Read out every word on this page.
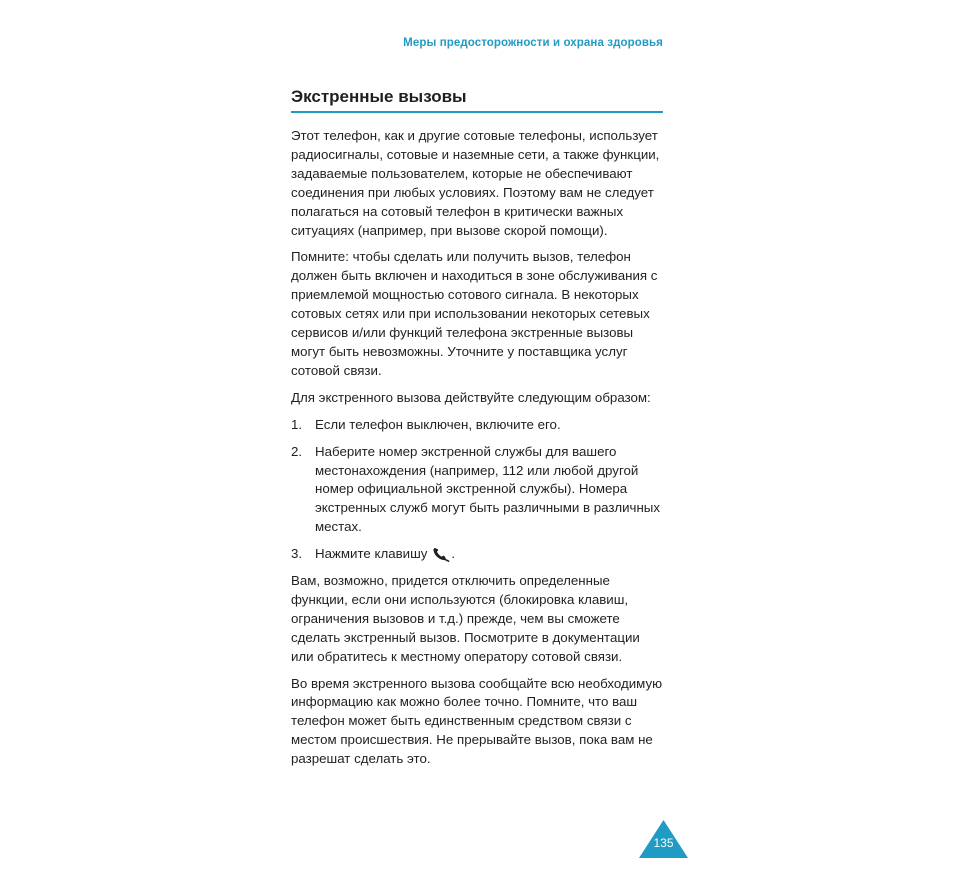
Меры предосторожности и охрана здоровья
Экстренные вызовы

Этот телефон, как и другие сотовые телефоны, использует радиосигналы, сотовые и наземные сети, а также функции, задаваемые пользователем, которые не обеспечивают соединения при любых условиях. Поэтому вам не следует полагаться на сотовый телефон в критически важных ситуациях (например, при вызове скорой помощи).

Помните: чтобы сделать или получить вызов, телефон должен быть включен и находиться в зоне обслуживания с приемлемой мощностью сотового сигнала. В некоторых сотовых сетях или при использовании некоторых сетевых сервисов и/или функций телефона экстренные вызовы могут быть невозможны. Уточните у поставщика услуг сотовой связи.

Для экстренного вызова действуйте следующим образом:

1. Если телефон выключен, включите его.
2. Наберите номер экстренной службы для вашего местонахождения (например, 112 или любой другой номер официальной экстренной службы). Номера экстренных служб могут быть различными в различных местах.
3. Нажмите клавишу .

Вам, возможно, придется отключить определенные функции, если они используются (блокировка клавиш, ограничения вызовов и т.д.) прежде, чем вы сможете сделать экстренный вызов. Посмотрите в документации или обратитесь к местному оператору сотовой связи.

Во время экстренного вызова сообщайте всю необходимую информацию как можно более точно. Помните, что ваш телефон может быть единственным средством связи с местом происшествия. Не прерывайте вызов, пока вам не разрешат сделать это.

135
